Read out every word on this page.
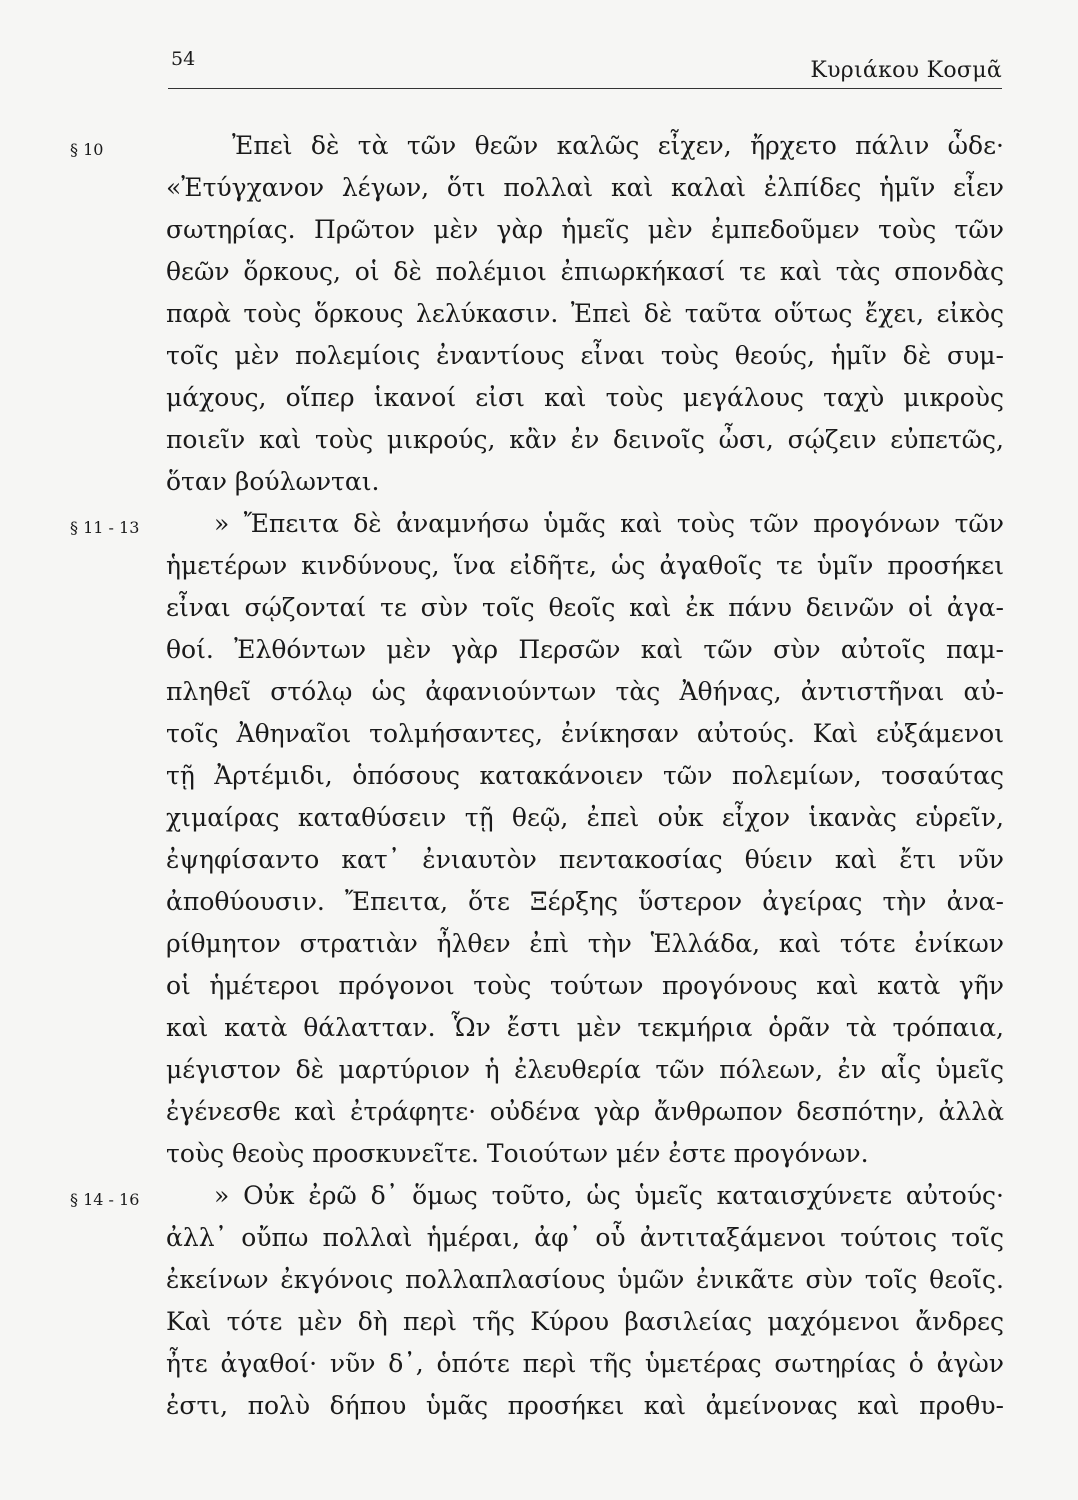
54	Κυριάκου Κοσμᾶ
§ 10	Ἐπεὶ δὲ τὰ τῶν θεῶν καλῶς εἶχεν, ἤρχετο πάλιν ὧδε·
«Ἐτύγχανον λέγων, ὅτι πολλαὶ καὶ καλαὶ ἐλπίδες ἡμῖν εἶεν
σωτηρίας. Πρῶτον μὲν γὰρ ἡμεῖς μὲν ἐμπεδοῦμεν τοὺς τῶν
θεῶν ὅρκους, οἱ δὲ πολέμιοι ἐπιωρκήκασί τε καὶ τὰς σπονδὰς
παρὰ τοὺς ὅρκους λελύκασιν. Ἐπεὶ δὲ ταῦτα οὕτως ἔχει, εἰκὸς
τοῖς μὲν πολεμίοις ἐναντίους εἶναι τοὺς θεούς, ἡμῖν δὲ συμ-
μάχους, οἵπερ ἱκανοί εἰσι καὶ τοὺς μεγάλους ταχὺ μικροὺς
ποιεῖν καὶ τοὺς μικρούς, κἂν ἐν δεινοῖς ὦσι, σῴζειν εὐπετῶς,
ὅταν βούλωνται.
§ 11 - 13	» Ἔπειτα δὲ ἀναμνήσω ὑμᾶς καὶ τοὺς τῶν προγόνων τῶν
ἡμετέρων κινδύνους, ἵνα εἰδῆτε, ὡς ἀγαθοῖς τε ὑμῖν προσήκει
εἶναι σῴζονταί τε σὺν τοῖς θεοῖς καὶ ἐκ πάνυ δεινῶν οἱ ἀγα-
θοί. Ἐλθόντων μὲν γὰρ Περσῶν καὶ τῶν σὺν αὐτοῖς παμ-
πληθεῖ στόλῳ ὡς ἀφανιούντων τὰς Ἀθήνας, ἀντιστῆναι αὐ-
τοῖς Ἀθηναῖοι τολμήσαντες, ἐνίκησαν αὐτούς. Καὶ εὐξάμενοι
τῇ Ἀρτέμιδι, ὁπόσους κατακάνοιεν τῶν πολεμίων, τοσαύτας
χιμαίρας καταθύσειν τῇ θεῷ, ἐπεὶ οὐκ εἶχον ἱκανὰς εὑρεῖν,
ἐψηφίσαντο κατ᾽ ἐνιαυτὸν πεντακοσίας θύειν καὶ ἔτι νῦν
ἀποθύουσιν. Ἔπειτα, ὅτε Ξέρξης ὕστερον ἀγείρας τὴν ἀνα-
ρίθμητον στρατιὰν ἦλθεν ἐπὶ τὴν Ἑλλάδα, καὶ τότε ἐνίκων
οἱ ἡμέτεροι πρόγονοι τοὺς τούτων προγόνους καὶ κατὰ γῆν
καὶ κατὰ θάλατταν. Ὧν ἔστι μὲν τεκμήρια ὁρᾶν τὰ τρόπαια,
μέγιστον δὲ μαρτύριον ἡ ἐλευθερία τῶν πόλεων, ἐν αἷς ὑμεῖς
ἐγένεσθε καὶ ἐτράφητε· οὐδένα γὰρ ἄνθρωπον δεσπότην, ἀλλὰ
τοὺς θεοὺς προσκυνεῖτε. Τοιούτων μέν ἐστε προγόνων.
§ 14 - 16	» Οὐκ ἐρῶ δ᾽ ὅμως τοῦτο, ὡς ὑμεῖς καταισχύνετε αὐτούς·
ἀλλ᾽ οὔπω πολλαὶ ἡμέραι, ἀφ᾽ οὗ ἀντιταξάμενοι τούτοις τοῖς
ἐκείνων ἐκγόνοις πολλαπλασίους ὑμῶν ἐνικᾶτε σὺν τοῖς θεοῖς.
Καὶ τότε μὲν δὴ περὶ τῆς Κύρου βασιλείας μαχόμενοι ἄνδρες
ἦτε ἀγαθοί· νῦν δ᾽, ὁπότε περὶ τῆς ὑμετέρας σωτηρίας ὁ ἀγὼν
ἐστι, πολὺ δήπου ὑμᾶς προσήκει καὶ ἀμείνονας καὶ προθυ-
